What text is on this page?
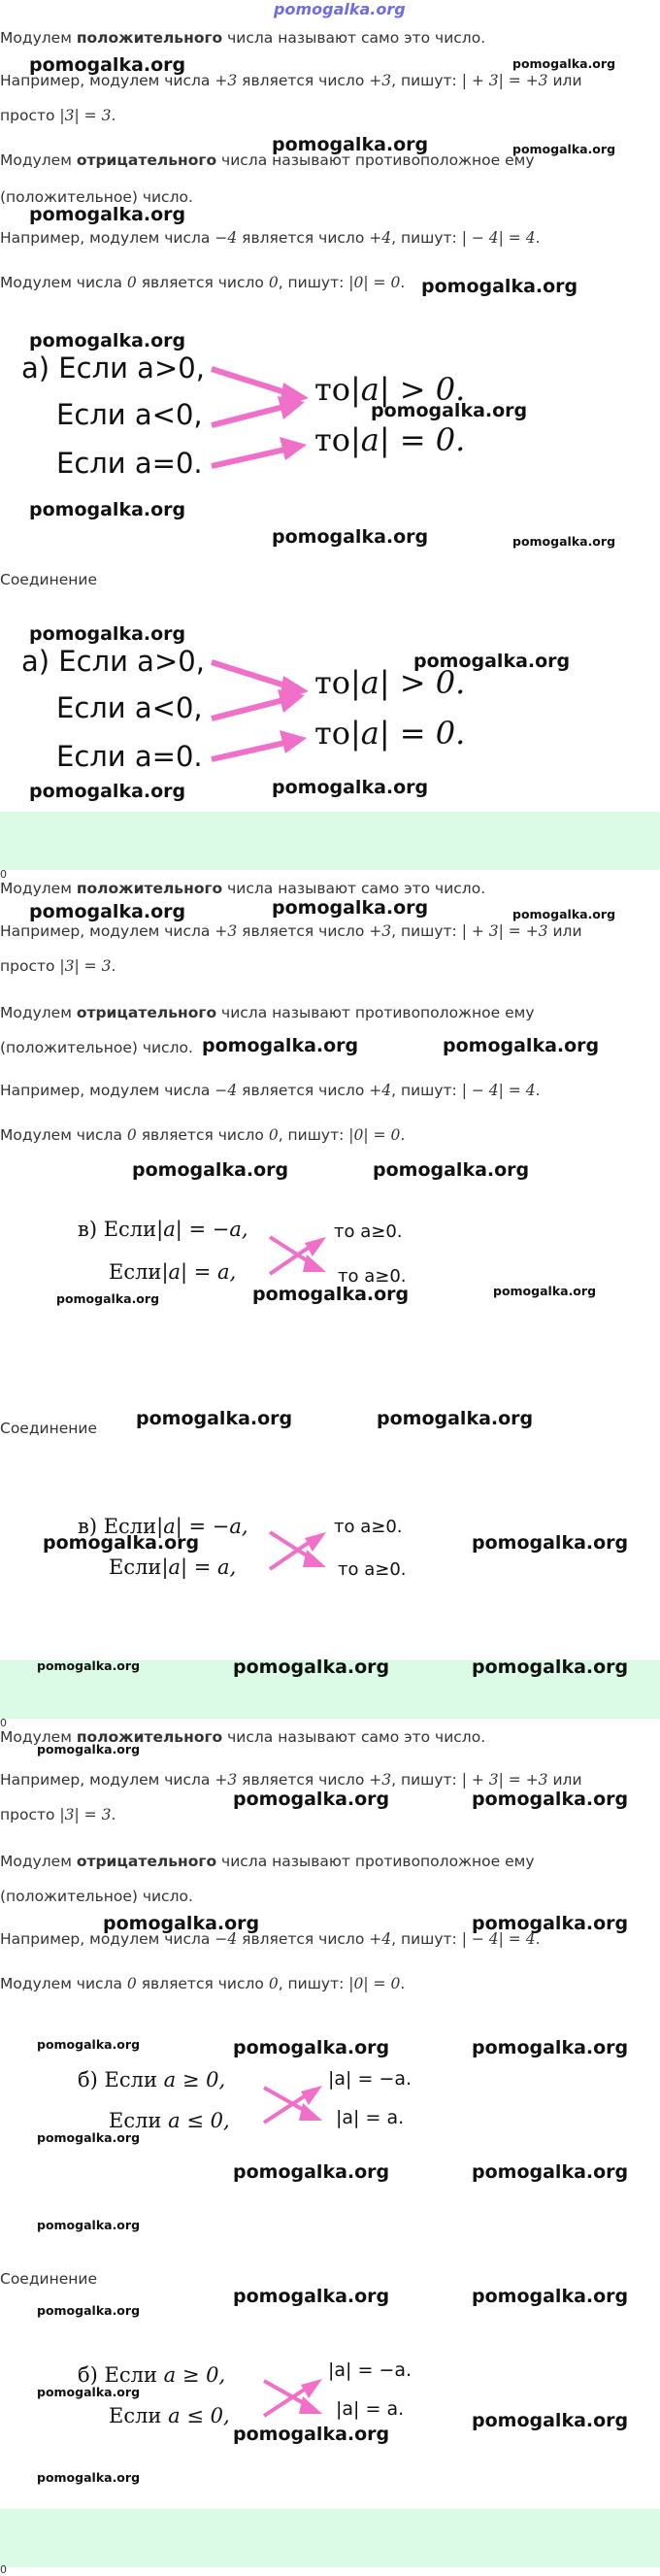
pomogalka.org
Модулем положительного числа называют само это число.
Например, модулем числа +3 является число +3, пишут: | + 3| = +3 или
просто |3| = 3.
Модулем отрицательного числа называют противоположное ему
(положительное) число.
Например, модулем числа −4 является число +4, пишут: | − 4| = 4.
Модулем числа 0 является число 0, пишут: |0| = 0.
pomogalka.org	pomogalka.org
pomogalka.org	pomogalka.org
pomogalka.org
pomogalka.org
а) Если a>0,
Если a<0,
Если a=0.
то|a| > 0.
то|a| = 0.
pomogalka.org
pomogalka.org
pomogalka.org
pomogalka.org	pomogalka.org
Соединение
а) Если a>0,
Если a<0,
Если a=0.
то|a| > 0.
то|a| = 0.
pomogalka.org
pomogalka.org
pomogalka.org	pomogalka.org
0
Модулем положительного числа называют само это число.
Например, модулем числа +3 является число +3, пишут: | + 3| = +3 или
просто |3| = 3.
Модулем отрицательного числа называют противоположное ему
(положительное) число.
Например, модулем числа −4 является число +4, пишут: | − 4| = 4.
Модулем числа 0 является число 0, пишут: |0| = 0.
pomogalka.org	pomogalka.org	pomogalka.org
pomogalka.org	pomogalka.org
pomogalka.org	pomogalka.org
в) Если|a| = −a,
Если|a| = a,
то a≥0.
то a≥0.
pomogalka.org	pomogalka.org	pomogalka.org
Соединение pomogalka.org	pomogalka.org
в) Если|a| = −a,
Если|a| = a,
то a≥0.
то a≥0.
pomogalka.org	pomogalka.org
pomogalka.org	pomogalka.org	pomogalka.org
0
Модулем положительного числа называют само это число.
Например, модулем числа +3 является число +3, пишут: | + 3| = +3 или
просто |3| = 3.
Модулем отрицательного числа называют противоположное ему
(положительное) число.
Например, модулем числа −4 является число +4, пишут: | − 4| = 4.
Модулем числа 0 является число 0, пишут: |0| = 0.
pomogalka.org
pomogalka.org	pomogalka.org
pomogalka.org	pomogalka.org
б) Если a ≥ 0,
Если a ≤ 0,
|a| = −a.
|a| = a.
pomogalka.org	pomogalka.org	pomogalka.org
pomogalka.org
pomogalka.org	pomogalka.org
pomogalka.org
Соединение
pomogalka.org
pomogalka.org	pomogalka.org
б) Если a ≥ 0,
Если a ≤ 0,
|a| = −a.
|a| = a.
pomogalka.org
pomogalka.org
pomogalka.org
pomogalka.org
0
